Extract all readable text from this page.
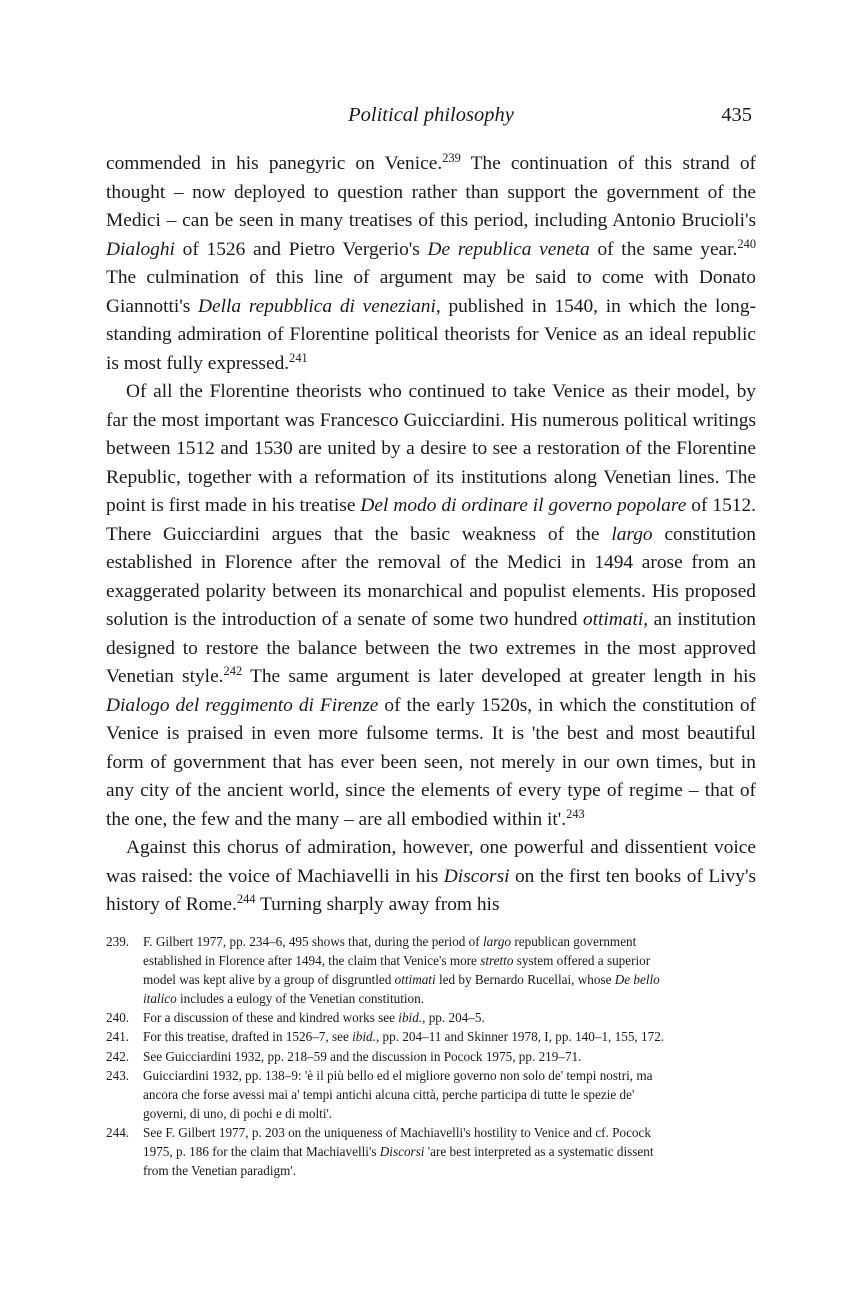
Political philosophy	435

commended in his panegyric on Venice.$^{239}$ The continuation of this strand of thought – now deployed to question rather than support the government of the Medici – can be seen in many treatises of this period, including Antonio Brucioli's Dialoghi of 1526 and Pietro Vergerio's De republica veneta of the same year.$^{240}$ The culmination of this line of argument may be said to come with Donato Giannotti's Della repubblica di veneziani, published in 1540, in which the long-standing admiration of Florentine political theorists for Venice as an ideal republic is most fully expressed.$^{241}$

Of all the Florentine theorists who continued to take Venice as their model, by far the most important was Francesco Guicciardini. His numerous political writings between 1512 and 1530 are united by a desire to see a restoration of the Florentine Republic, together with a reformation of its institutions along Venetian lines. The point is first made in his treatise Del modo di ordinare il governo popolare of 1512. There Guicciardini argues that the basic weakness of the largo constitution established in Florence after the removal of the Medici in 1494 arose from an exaggerated polarity between its monarchical and populist elements. His proposed solution is the introduction of a senate of some two hundred ottimati, an institution designed to restore the balance between the two extremes in the most approved Venetian style.$^{242}$ The same argument is later developed at greater length in his Dialogo del reggimento di Firenze of the early 1520s, in which the constitution of Venice is praised in even more fulsome terms. It is 'the best and most beautiful form of government that has ever been seen, not merely in our own times, but in any city of the ancient world, since the elements of every type of regime – that of the one, the few and the many – are all embodied within it'.$^{243}$

Against this chorus of admiration, however, one powerful and dissentient voice was raised: the voice of Machiavelli in his Discorsi on the first ten books of Livy's history of Rome.$^{244}$ Turning sharply away from his

239.	F. Gilbert 1977, pp. 234–6, 495 shows that, during the period of largo republican government
established in Florence after 1494, the claim that Venice's more stretto system offered a superior
model was kept alive by a group of disgruntled ottimati led by Bernardo Rucellai, whose De bello
italico includes a eulogy of the Venetian constitution.
240.	For a discussion of these and kindred works see ibid., pp. 204–5.
241.	For this treatise, drafted in 1526–7, see ibid., pp. 204–11 and Skinner 1978, I, pp. 140–1, 155, 172.
242.	See Guicciardini 1932, pp. 218–59 and the discussion in Pocock 1975, pp. 219–71.
243.	Guicciardini 1932, pp. 138–9: 'è il più bello ed el migliore governo non solo de' tempi nostri, ma
ancora che forse avessi mai a' tempi antichi alcuna città, perche participa di tutte le spezie de'
governi, di uno, di pochi e di molti'.
244.	See F. Gilbert 1977, p. 203 on the uniqueness of Machiavelli's hostility to Venice and cf. Pocock
1975, p. 186 for the claim that Machiavelli's Discorsi 'are best interpreted as a systematic dissent
from the Venetian paradigm'.
